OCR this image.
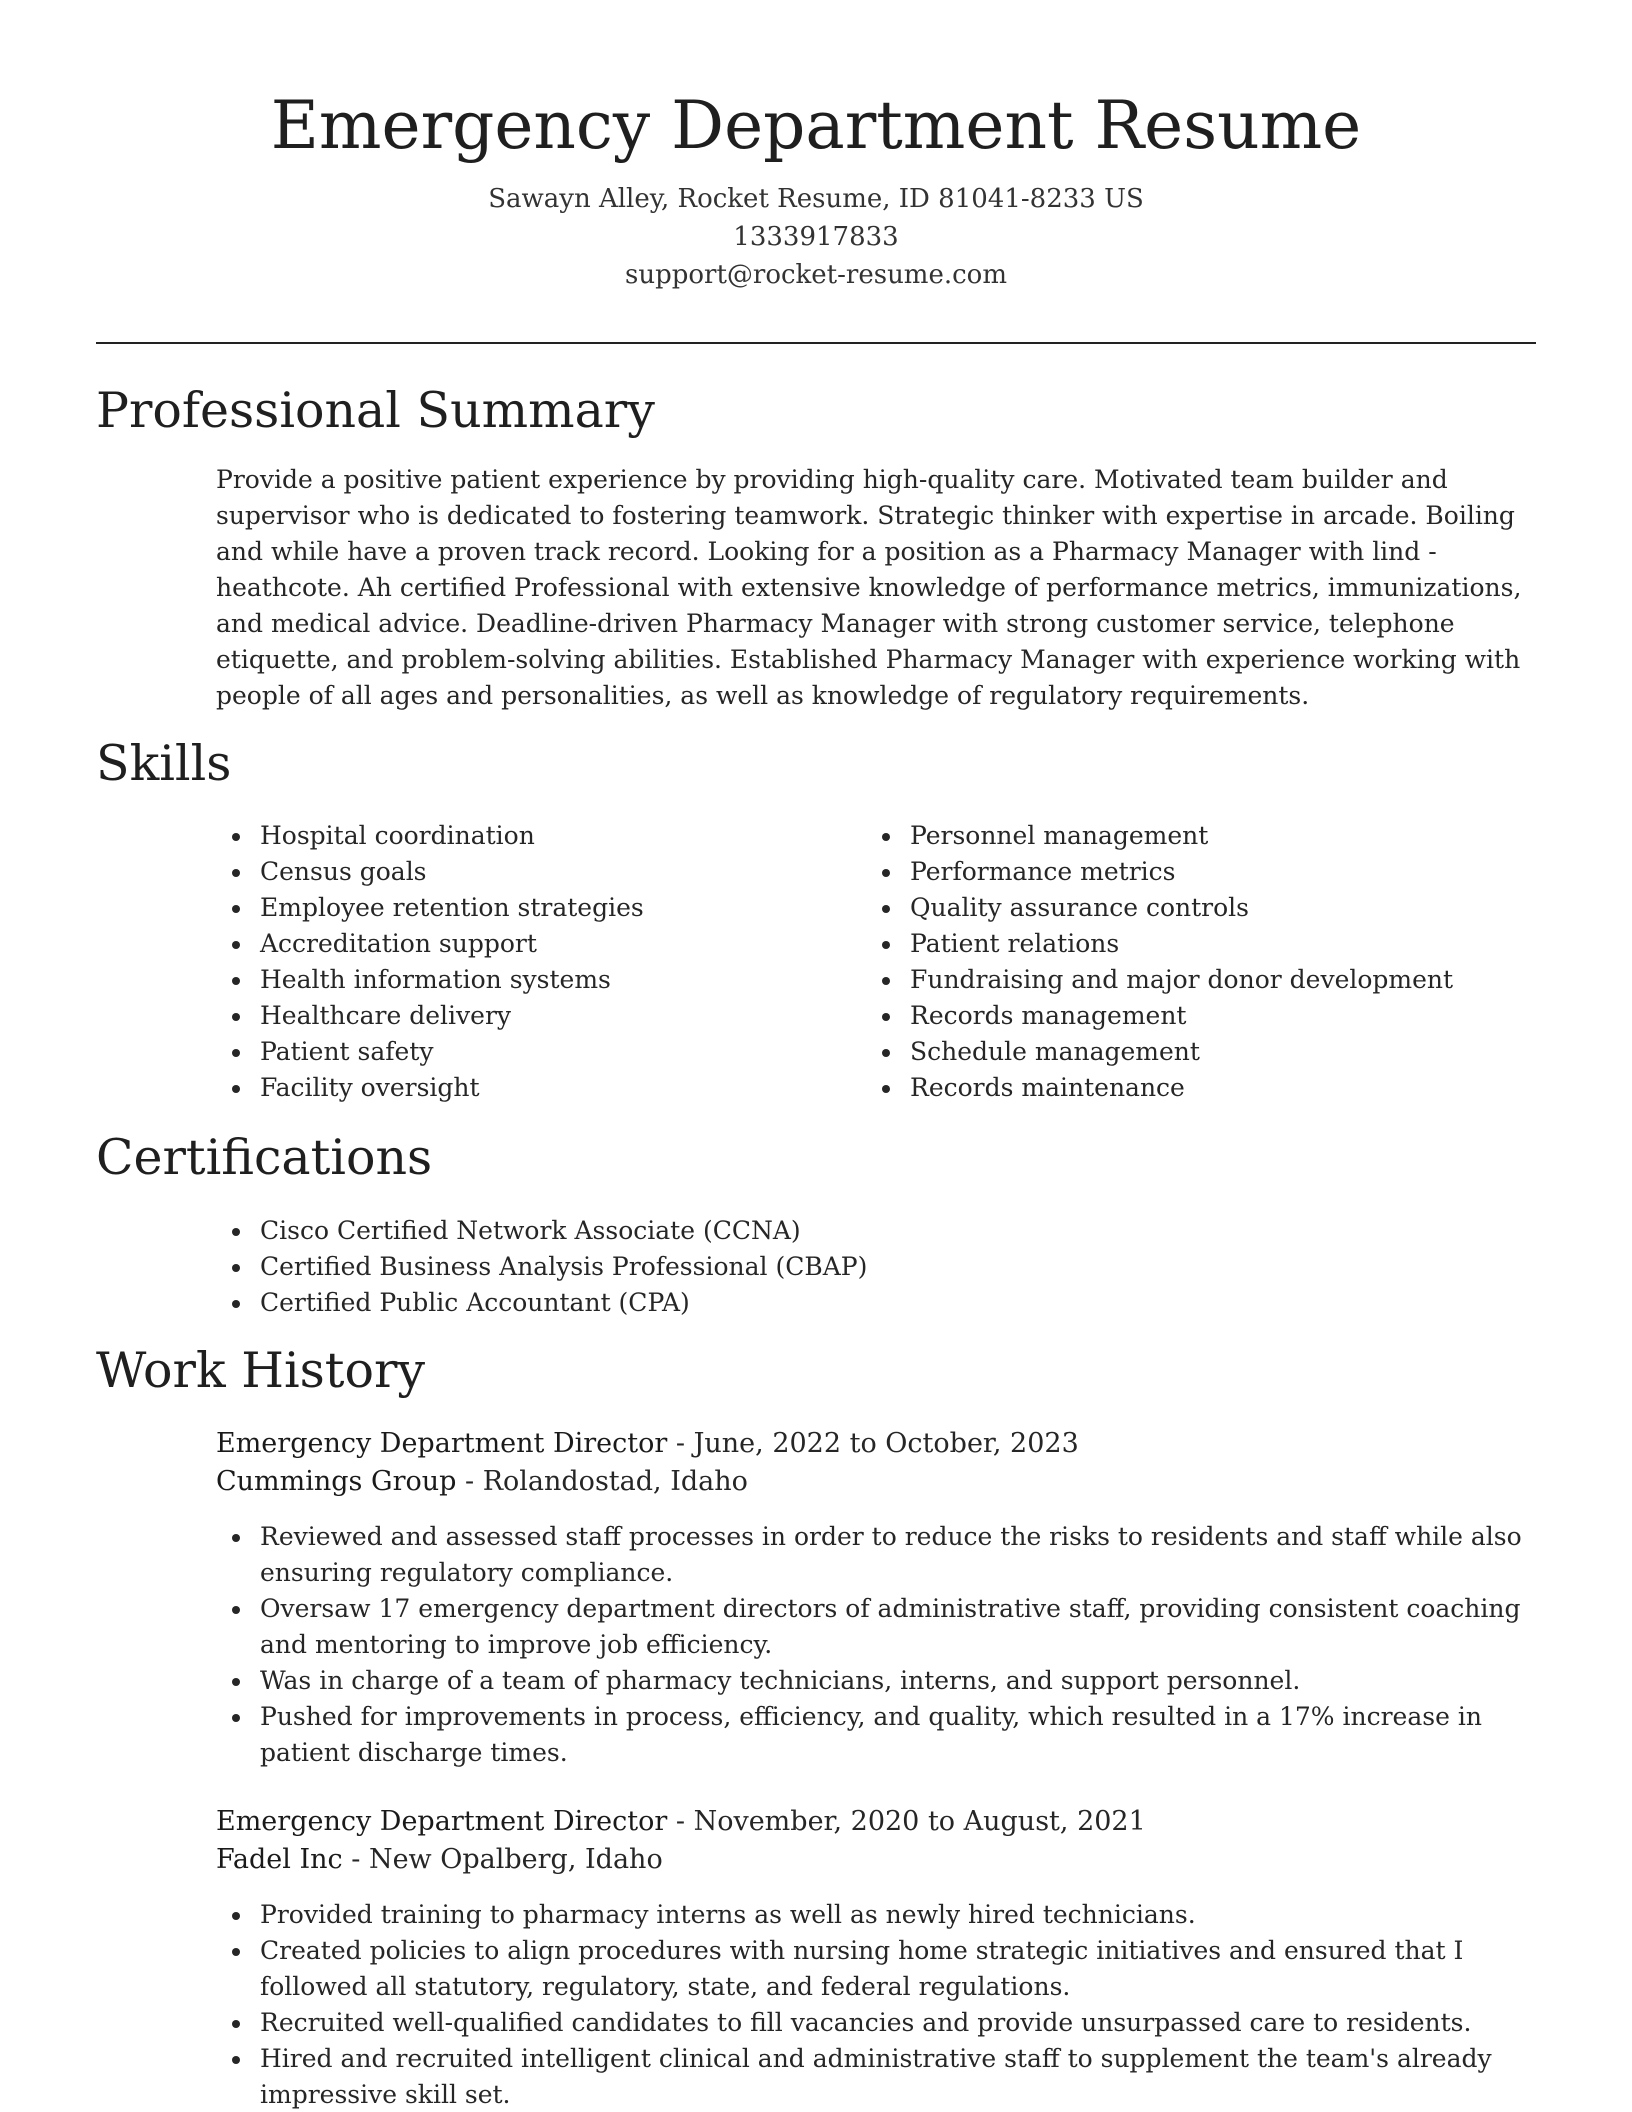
Emergency Department Resume
Sawayn Alley, Rocket Resume, ID 81041-8233 US
1333917833
support@rocket-resume.com
Professional Summary

Provide a positive patient experience by providing high-quality care. Motivated team builder and supervisor who is dedicated to fostering teamwork. Strategic thinker with expertise in arcade. Boiling and while have a proven track record. Looking for a position as a Pharmacy Manager with lind - heathcote. Ah certified Professional with extensive knowledge of performance metrics, immunizations, and medical advice. Deadline-driven Pharmacy Manager with strong customer service, telephone etiquette, and problem-solving abilities. Established Pharmacy Manager with experience working with people of all ages and personalities, as well as knowledge of regulatory requirements.

Skills
Hospital coordination
Census goals
Employee retention strategies
Accreditation support
Health information systems
Healthcare delivery
Patient safety
Facility oversight
Personnel management
Performance metrics
Quality assurance controls
Patient relations
Fundraising and major donor development
Records management
Schedule management
Records maintenance
Certifications
Cisco Certified Network Associate (CCNA)
Certified Business Analysis Professional (CBAP)
Certified Public Accountant (CPA)
Work History
Emergency Department Director - June, 2022 to October, 2023
Cummings Group - Rolandostad, Idaho
Reviewed and assessed staff processes in order to reduce the risks to residents and staff while also ensuring regulatory compliance.
Oversaw 17 emergency department directors of administrative staff, providing consistent coaching and mentoring to improve job efficiency.
Was in charge of a team of pharmacy technicians, interns, and support personnel.
Pushed for improvements in process, efficiency, and quality, which resulted in a 17% increase in patient discharge times.
Emergency Department Director - November, 2020 to August, 2021
Fadel Inc - New Opalberg, Idaho
Provided training to pharmacy interns as well as newly hired technicians.
Created policies to align procedures with nursing home strategic initiatives and ensured that I followed all statutory, regulatory, state, and federal regulations.
Recruited well-qualified candidates to fill vacancies and provide unsurpassed care to residents.
Hired and recruited intelligent clinical and administrative staff to supplement the team's already impressive skill set.
